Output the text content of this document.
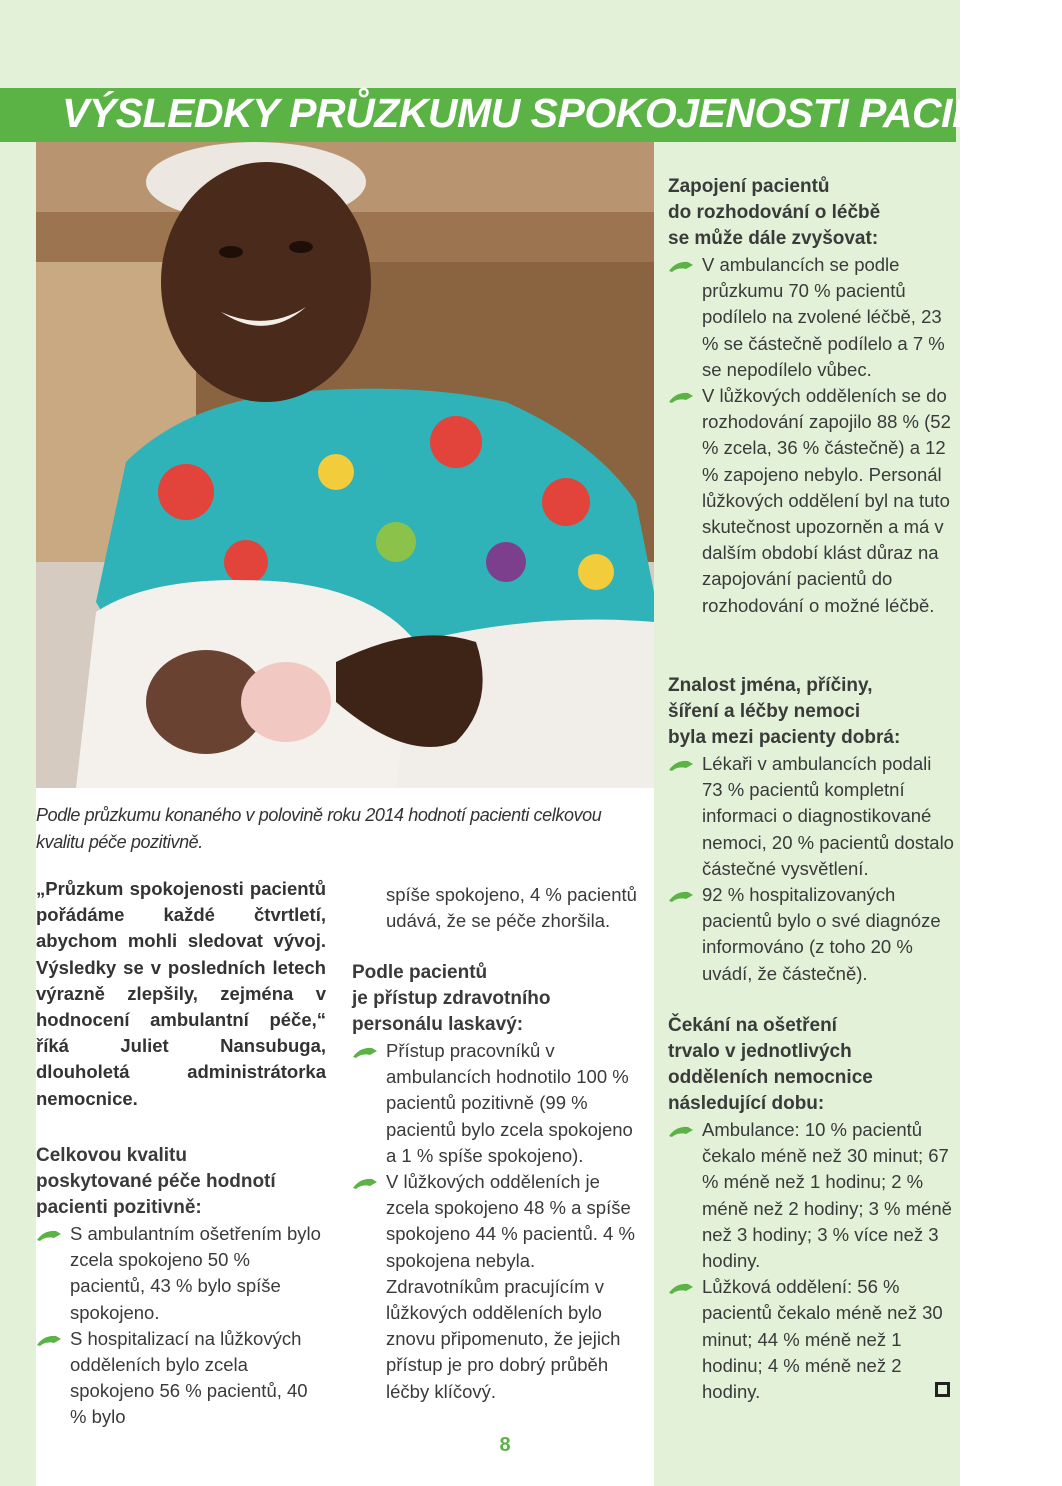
VÝSLEDKY PRŮZKUMU SPOKOJENOSTI PACIENTŮ

Podle průzkumu konaného v polovině roku 2014 hodnotí pacienti celkovou kvalitu péče pozitivně.

„Průzkum spokojenosti pacientů pořádáme každé čtvrtletí, abychom mohli sledovat vývoj. Výsledky se v posledních letech výrazně zlepšily, zejména v hodnocení ambulantní péče,“ říká Juliet Nansubuga, dlouholetá administrátorka nemocnice.

Celkovou kvalitu
poskytované péče hodnotí
pacienti pozitivně:
S ambulantním ošetřením bylo zcela spokojeno 50 % pacientů, 43 % bylo spíše spokojeno.
S hospitalizací na lůžkových odděleních bylo zcela spokojeno 56 % pacientů, 40 % bylo

spíše spokojeno, 4 % pacientů udává, že se péče zhoršila.

Podle pacientů
je přístup zdravotního
personálu laskavý:
Přístup pracovníků v ambulancích hodnotilo 100 % pacientů pozitivně (99 % pacientů bylo zcela spokojeno a 1 % spíše spokojeno).
V lůžkových odděleních je zcela spokojeno 48 % a spíše spokojeno 44 % pacientů. 4 % spokojena nebyla. Zdravotníkům pracujícím v lůžkových odděleních bylo znovu připomenuto, že jejich přístup je pro dobrý průběh léčby klíčový.
Zapojení pacientů
do rozhodování o léčbě
se může dále zvyšovat:
V ambulancích se podle průzkumu 70 % pacientů podílelo na zvolené léčbě, 23 % se částečně podílelo a 7 % se nepodílelo vůbec.
V lůžkových odděleních se do rozhodování zapojilo 88 % (52 % zcela, 36 % částečně) a 12 % zapojeno nebylo. Personál lůžkových oddělení byl na tuto skutečnost upozorněn a má v dalším období klást důraz na zapojování pacientů do rozhodování o možné léčbě.
Znalost jména, příčiny,
šíření a léčby nemoci
byla mezi pacienty dobrá:
Lékaři v ambulancích podali 73 % pacientů kompletní informaci o diagnostikované nemoci, 20 % pacientů dostalo částečné vysvětlení.
92 % hospitalizovaných pacientů bylo o své diagnóze informováno (z toho 20 % uvádí, že částečně).
Čekání na ošetření
trvalo v jednotlivých
odděleních nemocnice
následující dobu:
Ambulance: 10 % pacientů čekalo méně než 30 minut; 67 % méně než 1 hodinu; 2 % méně než 2 hodiny; 3 % méně než 3 hodiny; 3 % více než 3 hodiny.
Lůžková oddělení: 56 % pacientů čekalo méně než 30 minut; 44 % méně než 1 hodinu; 4 % méně než 2 hodiny.

8
